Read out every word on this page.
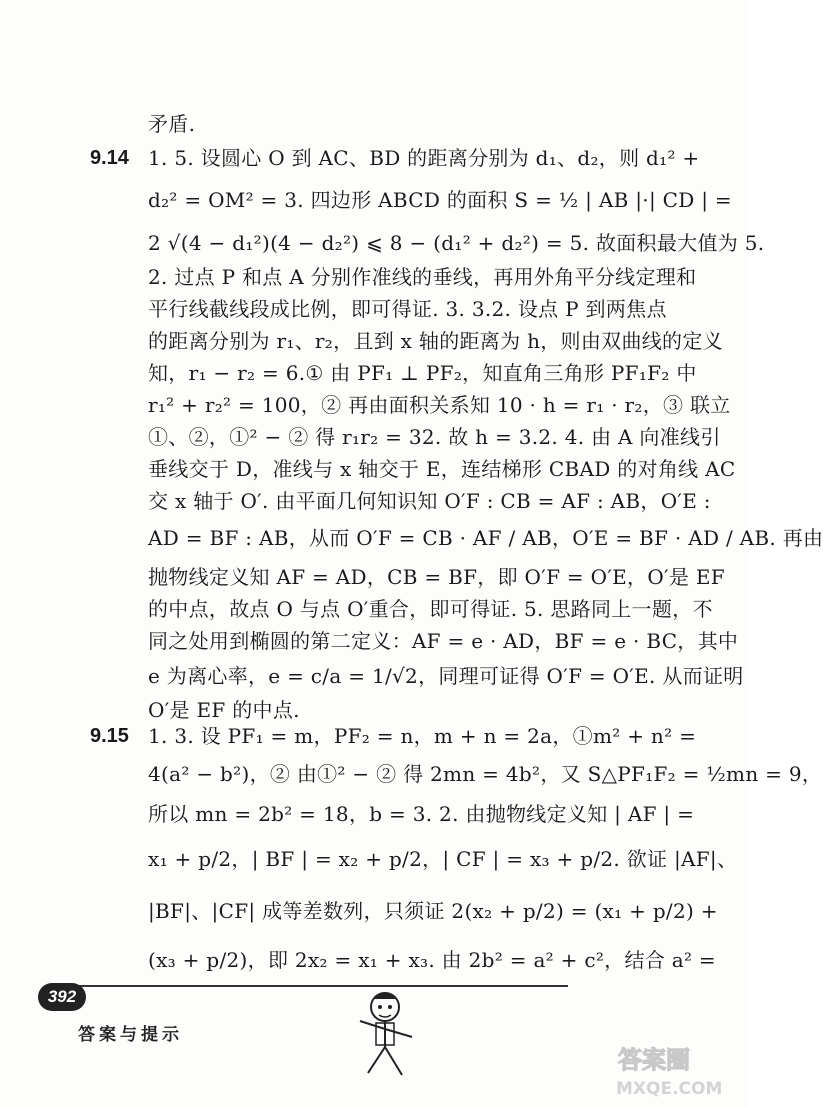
9.14
9.15
矛盾.
1. 5. 设圆心 O 到 AC、BD 的距离分别为 d₁、d₂，则 d₁² +
d₂² = OM² = 3. 四边形 ABCD 的面积 S = ½ | AB |·| CD | =
2 √(4 − d₁²)(4 − d₂²) ⩽ 8 − (d₁² + d₂²) = 5. 故面积最大值为 5.
2. 过点 P 和点 A 分别作准线的垂线，再用外角平分线定理和
平行线截线段成比例，即可得证. 3. 3.2. 设点 P 到两焦点
的距离分别为 r₁、r₂，且到 x 轴的距离为 h，则由双曲线的定义
知，r₁ − r₂ = 6.① 由 PF₁ ⊥ PF₂，知直角三角形 PF₁F₂ 中
r₁² + r₂² = 100，② 再由面积关系知 10 · h = r₁ · r₂，③ 联立
①、②，①² − ② 得 r₁r₂ = 32. 故 h = 3.2. 4. 由 A 向准线引
垂线交于 D，准线与 x 轴交于 E，连结梯形 CBAD 的对角线 AC
交 x 轴于 O′. 由平面几何知识知 O′F : CB = AF : AB，O′E :
AD = BF : AB，从而 O′F = CB · AF / AB，O′E = BF · AD / AB. 再由
抛物线定义知 AF = AD，CB = BF，即 O′F = O′E，O′是 EF
的中点，故点 O 与点 O′重合，即可得证. 5. 思路同上一题，不
同之处用到椭圆的第二定义：AF = e · AD，BF = e · BC，其中
e 为离心率，e = c/a = 1/√2，同理可证得 O′F = O′E. 从而证明
O′是 EF 的中点.
1. 3. 设 PF₁ = m，PF₂ = n，m + n = 2a，①m² + n² =
4(a² − b²)，② 由①² − ② 得 2mn = 4b²，又 S△PF₁F₂ = ½mn = 9，
所以 mn = 2b² = 18，b = 3. 2. 由抛物线定义知 | AF | =
x₁ + p/2，| BF | = x₂ + p/2，| CF | = x₃ + p/2. 欲证 |AF|、
|BF|、|CF| 成等差数列，只须证 2(x₂ + p/2) = (x₁ + p/2) +
(x₃ + p/2)，即 2x₂ = x₁ + x₃. 由 2b² = a² + c²，结合 a² =
392
答案与提示
答案圈
MXQE.COM
